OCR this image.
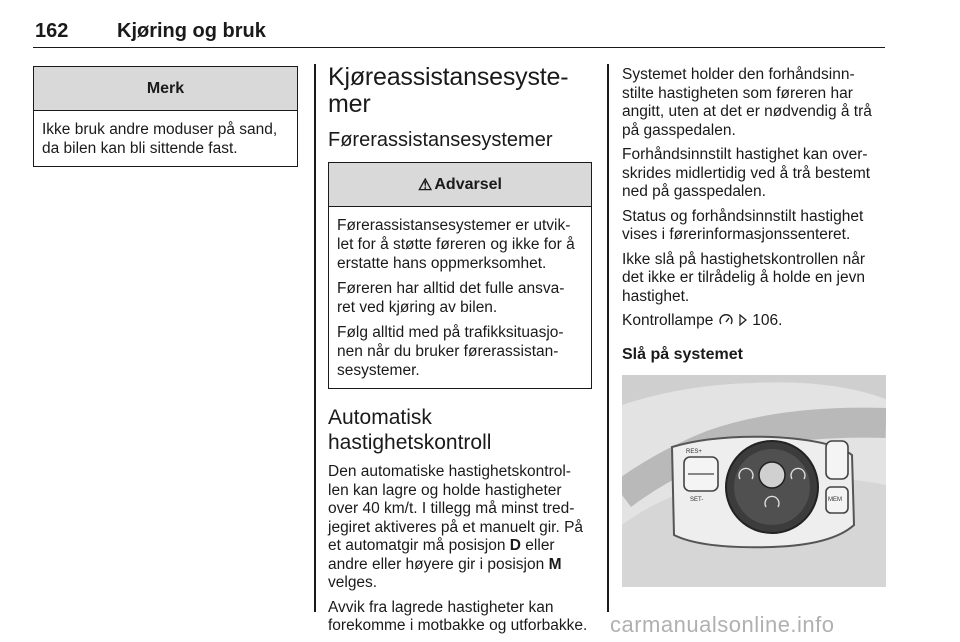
162 Kjøring og bruk
Merk

Ikke bruk andre moduser på sand, da bilen kan bli sittende fast.

Kjøreassistansesyste-
mer
Førerassistansesystemer
⚠ Advarsel

Førerassistansesystemer er utvik- let for å støtte føreren og ikke for å erstatte hans oppmerksomhet.

Føreren har alltid det fulle ansva- ret ved kjøring av bilen.

Følg alltid med på trafikksituasjo- nen når du bruker førerassistan- sesystemer.

Automatisk
hastighetskontroll

Den automatiske hastighetskontrol- len kan lagre og holde hastigheter over 40 km/t. I tillegg må minst tred- jegiret aktiveres på et manuelt gir. På et automatgir må posisjon D eller andre eller høyere gir i posisjon M velges.

Avvik fra lagrede hastigheter kan forekomme i motbakke og utforbakke.

Systemet holder den forhåndsinn- stilte hastigheten som føreren har angitt, uten at det er nødvendig å trå på gasspedalen.

Forhåndsinnstilt hastighet kan over- skrides midlertidig ved å trå bestemt ned på gasspedalen.

Status og forhåndsinnstilt hastighet vises i førerinformasjonssenteret.

Ikke slå på hastighetskontrollen når det ikke er tilrådelig å holde en jevn hastighet.

Kontrollampe	106.

Slå på systemet
RES+
SET-	MEM
carmanualsonline.info
